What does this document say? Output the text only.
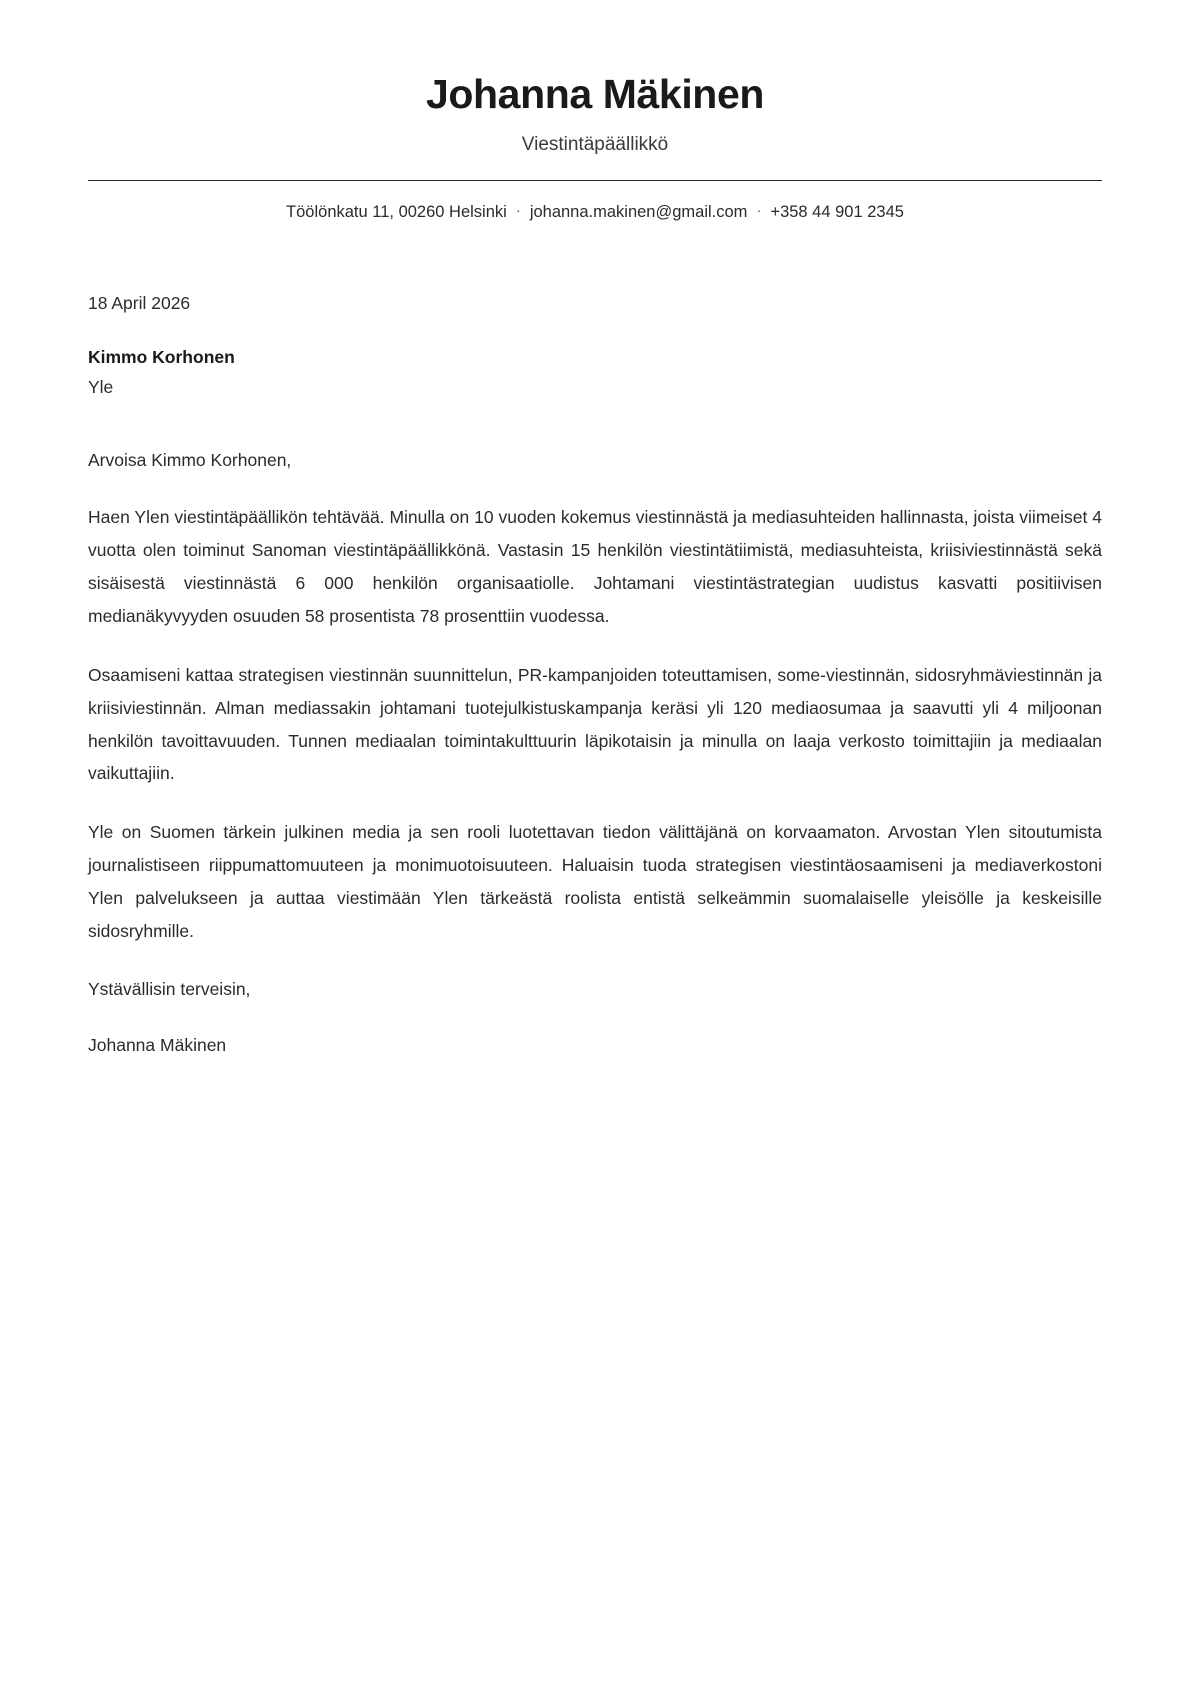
Johanna Mäkinen
Viestintäpäällikkö
Töölönkatu 11, 00260 Helsinki · johanna.makinen@gmail.com · +358 44 901 2345
18 April 2026
Kimmo Korhonen
Yle

Arvoisa Kimmo Korhonen,

Haen Ylen viestintäpäällikön tehtävää. Minulla on 10 vuoden kokemus viestinnästä ja mediasuhteiden hallinnasta, joista viimeiset 4 vuotta olen toiminut Sanoman viestintäpäällikkönä. Vastasin 15 henkilön viestintätiimistä, mediasuhteista, kriisiviestinnästä sekä sisäisestä viestinnästä 6 000 henkilön organisaatiolle. Johtamani viestintästrategian uudistus kasvatti positiivisen medianäkyvyyden osuuden 58 prosentista 78 prosenttiin vuodessa.

Osaamiseni kattaa strategisen viestinnän suunnittelun, PR-kampanjoiden toteuttamisen, some-viestinnän, sidosryhmäviestinnän ja kriisiviestinnän. Alman mediassakin johtamani tuotejulkistuskampanja keräsi yli 120 mediaosumaa ja saavutti yli 4 miljoonan henkilön tavoittavuuden. Tunnen mediaalan toimintakulttuurin läpikotaisin ja minulla on laaja verkosto toimittajiin ja mediaalan vaikuttajiin.

Yle on Suomen tärkein julkinen media ja sen rooli luotettavan tiedon välittäjänä on korvaamaton. Arvostan Ylen sitoutumista journalistiseen riippumattomuuteen ja monimuotoisuuteen. Haluaisin tuoda strategisen viestintäosaamiseni ja mediaverkostoni Ylen palvelukseen ja auttaa viestimään Ylen tärkeästä roolista entistä selkeämmin suomalaiselle yleisölle ja keskeisille sidosryhmille.

Ystävällisin terveisin,

Johanna Mäkinen
